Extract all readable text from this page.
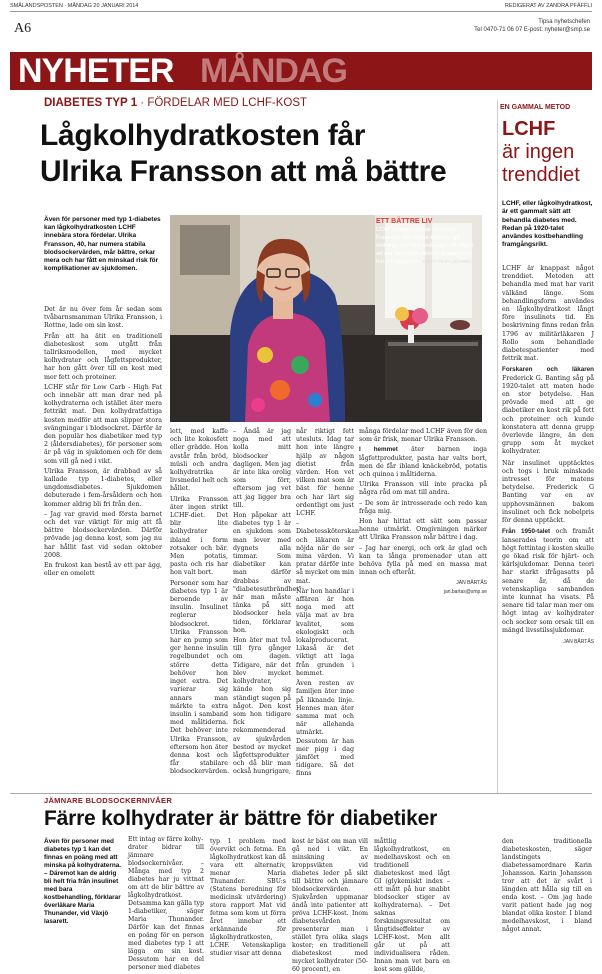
SMÅLANDSPOSTEN · MÅNDAG 20 JANUARI 2014	REDIGERAT AV ZANDRA PFÄFFLI
A6	Tipsa nyhetschefen
Tel 0470-71 06 07 E-post: nyheter@smp.se
NYHETER MÅNDAG
DIABETES TYP 1 · FÖRDELAR MED LCHF-KOST
Lågkolhydratkosten får
Ulrika Fransson att må bättre
Även för personer med typ 1-diabetes kan lågkolhydratkosten LCHF innebära stora fördelar. Ulrika Fransson, 40, har numera stabila blodsockervärden, mår bättre, orkar mera och har fått en minskad risk för komplikationer av sjukdomen.
ETT BÄTTRE LIV
LCHF-kosten innebär att Ulrika Fransson inte längre behöver gå omkring och vara småsugen på något att äta hela tiden. Hon är gladare och har ett piggare liv. FOTO: FILIP LJÖSSEN

Det är nu över fem år sedan som tvåbarnsmamman Ulrika Fransson, i Rottne, lade om sin kost.

Från att ha ätit en traditionell diabeteskost som utgått från tallriksmodellen, med mycket kolhydrater och lågfettsprodukter, har hon gått över till en kost med mer fett och proteiner.

LCHF står för Low Carb - High Fat och innebär att man drar ned på kolhydraterna och istället äter mera fettrikt mat. Den kolhydratfattiga kosten medför att man slipper stora svängningar i blodsockret. Därför är den populär hos diabetiker med typ 2 (åldersdiabetes), för personer som är på väg in sjukdomen och för dem som vill gå ned i vikt.

Ulrika Fransson, är drabbad av så kallade typ 1-diabetes, eller ungdomsdiabetes. Sjukdomen debuterade i fem-årsåldern och hon kommer aldrig bli fri från den.

– Jag var gravid med första barnet och det var viktigt för mig att få bättre blodsockervärden. Därför prövade jag denna kost, som jag nu har hållit fast vid sedan oktober 2008.

En frukost kan bestå av ett par ägg, eller en omelett

lett, med kaffe och lite kokosfett eller grädde. Hon avstår från bröd, müsli och andra kolhydratrika livsmedel helt och hållet.

Ulrika Fransson äter ingen strikt LCHF-diet. Det blir lite kolhydrater ibland i form rotsaker och bär. Men potatis, pasta och ris har hon valt bort.

Personer som har diabetes typ 1 är beroende av insulin. Insulinet reglerar blodsockret. Ulrika Fransson har en pump som ger henne insulin regelbundet och större detta behöver hon inget extra. Det varierar sig annars man märkte ta extra insulin i samband med måltiderna. Det behöver inte Ulrika Fransson, eftersom hon äter denna kost och får stabilare blodsockervärden.

– Ändå är jag noga med att kolla mitt blodsocker dagligen. Men jag är inte lika orolig som förr, eftersom jag vet att jag ligger bra till.

Hon påpekar att diabetes typ 1 är en sjukdom som man lever med dygnets alla timmar. Som diabetiker kan man därför drabbas av "diabetesutbrändhet" när man måste tänka på sitt blodsocker hela tiden, förklarar hon.

Hon äter mat två till fyra gånger om dagen. Tidigare, när det blev mycket kolhydrater, kände hon sig ständigt sugen på något. Den kost som hon tidigare fick rekommenderad av sjukvården bestod av mycket lågfettsprodukter och då blir man också hungrigare,

når riktigt fett utesluts. Idag tar hon inte längre hjälp av någon dietist från värden. Hon vet vilken mat som är bäst för henne och har lärt sig ordentligt om just LCHF.

– Diabetessköterskan och läkaren är nöjda när de ser mina värden. Vi pratar därför inte så mycket om min mat.

När hon handlar i affären är hon noga med att välja mat av bra kvalitet, som ekologiskt och lokalproducerat. Likaså är det viktigt att laga från grunden i hemmet.

Även resten av familjen äter inne på liknande linje. Hennes man äter samma mat och när allehanda utmärkt. Dessutom är han mer pigg i dag jämfört med tidigare. Så det finns

många fördelar med LCHF även för den som är frisk, menar Ulrika Fransson.

I hemmet äter barnen inga lågfettprodukter, pasta har valts bort, men de får ibland knäckebröd, potatis och quinoa i måltiderna.

Ulrika Fransson vill inte pracka på några råd om mat till andra.

– De som är intresserade och redo kan fråga mig.

Hon har hittat ett sätt som passar henne utmärkt. Omgivningen märker att Ulrika Fransson mår bättre i dag.

– Jag har energi, och ork är glad och kan ta långa promenader utan att behöva fylla på med en massa mat innan och efteråt.

JAN BÅRTÅS
jan.bartas@smp.se
EN GAMMAL METOD
LCHF
är ingen trenddiet
LCHF, eller lågkolhydratkost, är ett gammalt sätt att behandla diabetes med. Redan på 1920-talet användes kostbehandling framgångsrikt.

LCHF är knappast något trenddiet. Metoden att behandla med mat har varit välkänd länge. Som behandlingsform användes en lågkolhydratkost långt före insulinets tid. En beskrivning finns redan från 1796 av militärläkaren J Rollo som behandlade diabetespatienter med fettrik mat.

Forskaren och läkaren Frederick G. Banting såg på 1920-talet att maten hade en stor betydelse. Han prövade med att ge diabetiker en kost rik på fett och proteiner och kunde konstatera att denna grupp överlevde längre, än den grupp som åt mycket kolhydrater.

När insulinet upptäcktes och togs i bruk minskade intresset för matens betydelse. Frederick G Banting var en av upphovsmännen bakom insulinet och fick nobelpris för denna upptäckt.

Från 1950-talet och framåt lanserades teorin om att högt fettintag i kosten skulle ge ökad risk för hjärt- och kärlsjukdomar. Denna teori har starkt ifrågasatts på senare år, då de vetenskapliga sambanden inte kunnat ha visats. På senare tid talar man mer om högt intag av kolhydrater och socker som orsak till en mängd livsstilssjukdomar.

JAN BÅRTÅS
JÄMNARE BLODSOCKERNIVÅER
Färre kolhydrater är bättre för diabetiker
Även för personer med diabetes typ 1 kan det finnas en poäng med att minska på kolhydraterna. – Däremot kan de aldrig bli helt fria från insulinet med bara kostbehandling, förklarar överläkare Maria Thunander, vid Växjö lasarett.
Ett intag av färre kolhy-
drater bidrar till jämnare blodsockernivåer. – Många med typ 2 diabetes har ju vittnat om att de blir bättre av lågkolhydratkost. Detsamma kan gälla typ 1-diabetiker, säger Maria Thunander. Därför kan det finnas en poäng för en person med diabetes typ 1 att lägga om sin kost. Dessutom har en del personer med diabetes
typ 1 problem med övervikt och fetma. En lågkolhydratkost kan då vara ett alternativ, menar Maria Thunander. SBU:s (Statens beredning för medicinsk utvärdering) stora rapport Mat vid fetma som kom ut förra året innebar ett erkännande för lågkolhydratkosten, LCHF. Vetenskapliga studier visar att denna
kost är bäst om man vill gå ned i vikt. En minskning av kroppsvikten vid diabetes leder på sikt till bättre och jämnare blodsockervärden. Sjukvården uppmanar ändå inte patienter att pröva LCHF-kost. Inom diabetesvården presenterar man i stället fyra olika slags koster; en traditionell diabeteskost med mycket kolhydrater (50-60 procent), en
måttlig lågkolhydratkost, en medelhavskost och en traditionell diabeteskost med lågt GI (glykemiskt index – ett mått på hur snabbt blodsocker stiger av kolhydraterna). – Det saknas forskningsresultat om långtidseffekter av LCHF-kost. Men allt går ut på att individualisera råden. Innan man vet bara en kost som gällde,
den traditionella diabeteskosten, säger landstingets diabetessamordnare Karin Johansson. Karin Johansson tror att det är svårt i längden att hålla sig till en enda kost. – Om jag hade varit patient hade jag nog blandat olika koster. I bland medelhavskost, i bland något annat.
